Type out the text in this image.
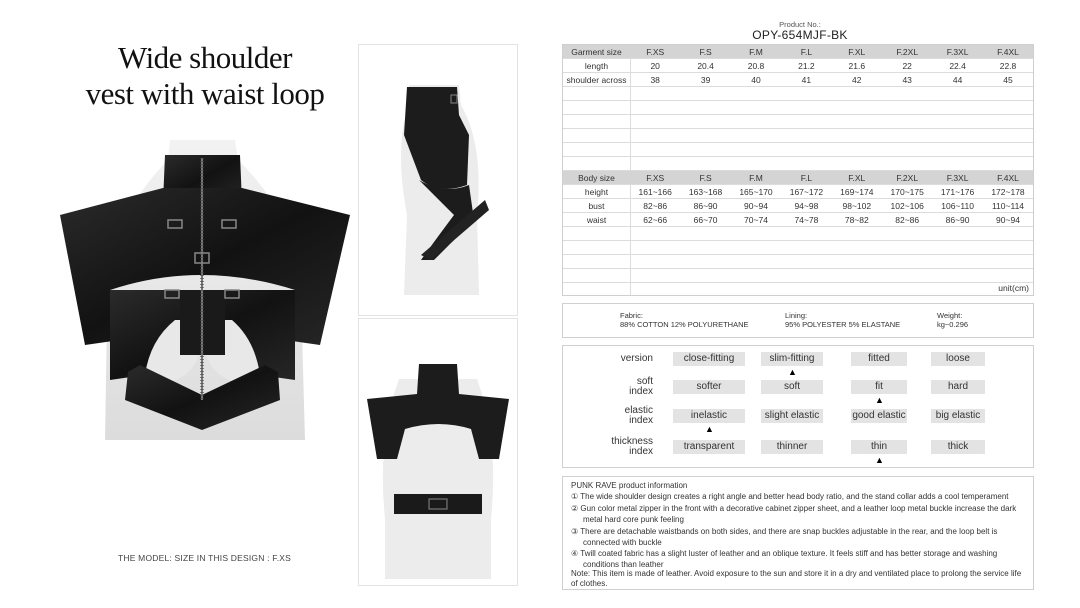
Wide shoulder
vest with waist loop
THE MODEL: SIZE IN THIS DESIGN : F.XS
Product No.:
OPY-654MJF-BK
Garment size	F.XS	F.S	F.M	F.L	F.XL	F.2XL	F.3XL	F.4XL
length	20	20.4	20.8	21.2	21.6	22	22.4	22.8
shoulder across	38	39	40	41	42	43	44	45
Body size	F.XS	F.S	F.M	F.L	F.XL	F.2XL	F.3XL	F.4XL
height	161~166	163~168	165~170	167~172	169~174	170~175	171~176	172~178
bust	82~86	86~90	90~94	94~98	98~102	102~106	106~110	110~114
waist	62~66	66~70	70~74	74~78	78~82	82~86	86~90	90~94
unit(cm)
Fabric:
88% COTTON 12% POLYURETHANE
Lining:
95% POLYESTER 5% ELASTANE
Weight:
kg~0.296
version	close-fitting	slim-fitting	fitted	loose
▲
soft
index	softer	soft	fit	hard
▲
elastic
index	inelastic	slight elastic	good elastic	big elastic
▲
thickness
index	transparent	thinner	thin	thick
▲
PUNK RAVE product information
① The wide shoulder design creates a right angle and better head body ratio, and the stand collar adds a cool temperament
② Gun color metal zipper in the front with a decorative cabinet zipper sheet, and a leather loop metal buckle increase the dark
metal hard core punk feeling
③ There are detachable waistbands on both sides, and there are snap buckles adjustable in the rear, and the loop belt is
connected with buckle
④ Twill coated fabric has a slight luster of leather and an oblique texture. It feels stiff and has better storage and washing
conditions than leather
Note: This item is made of leather. Avoid exposure to the sun and store it in a dry and ventilated place to prolong the service life
of clothes.
